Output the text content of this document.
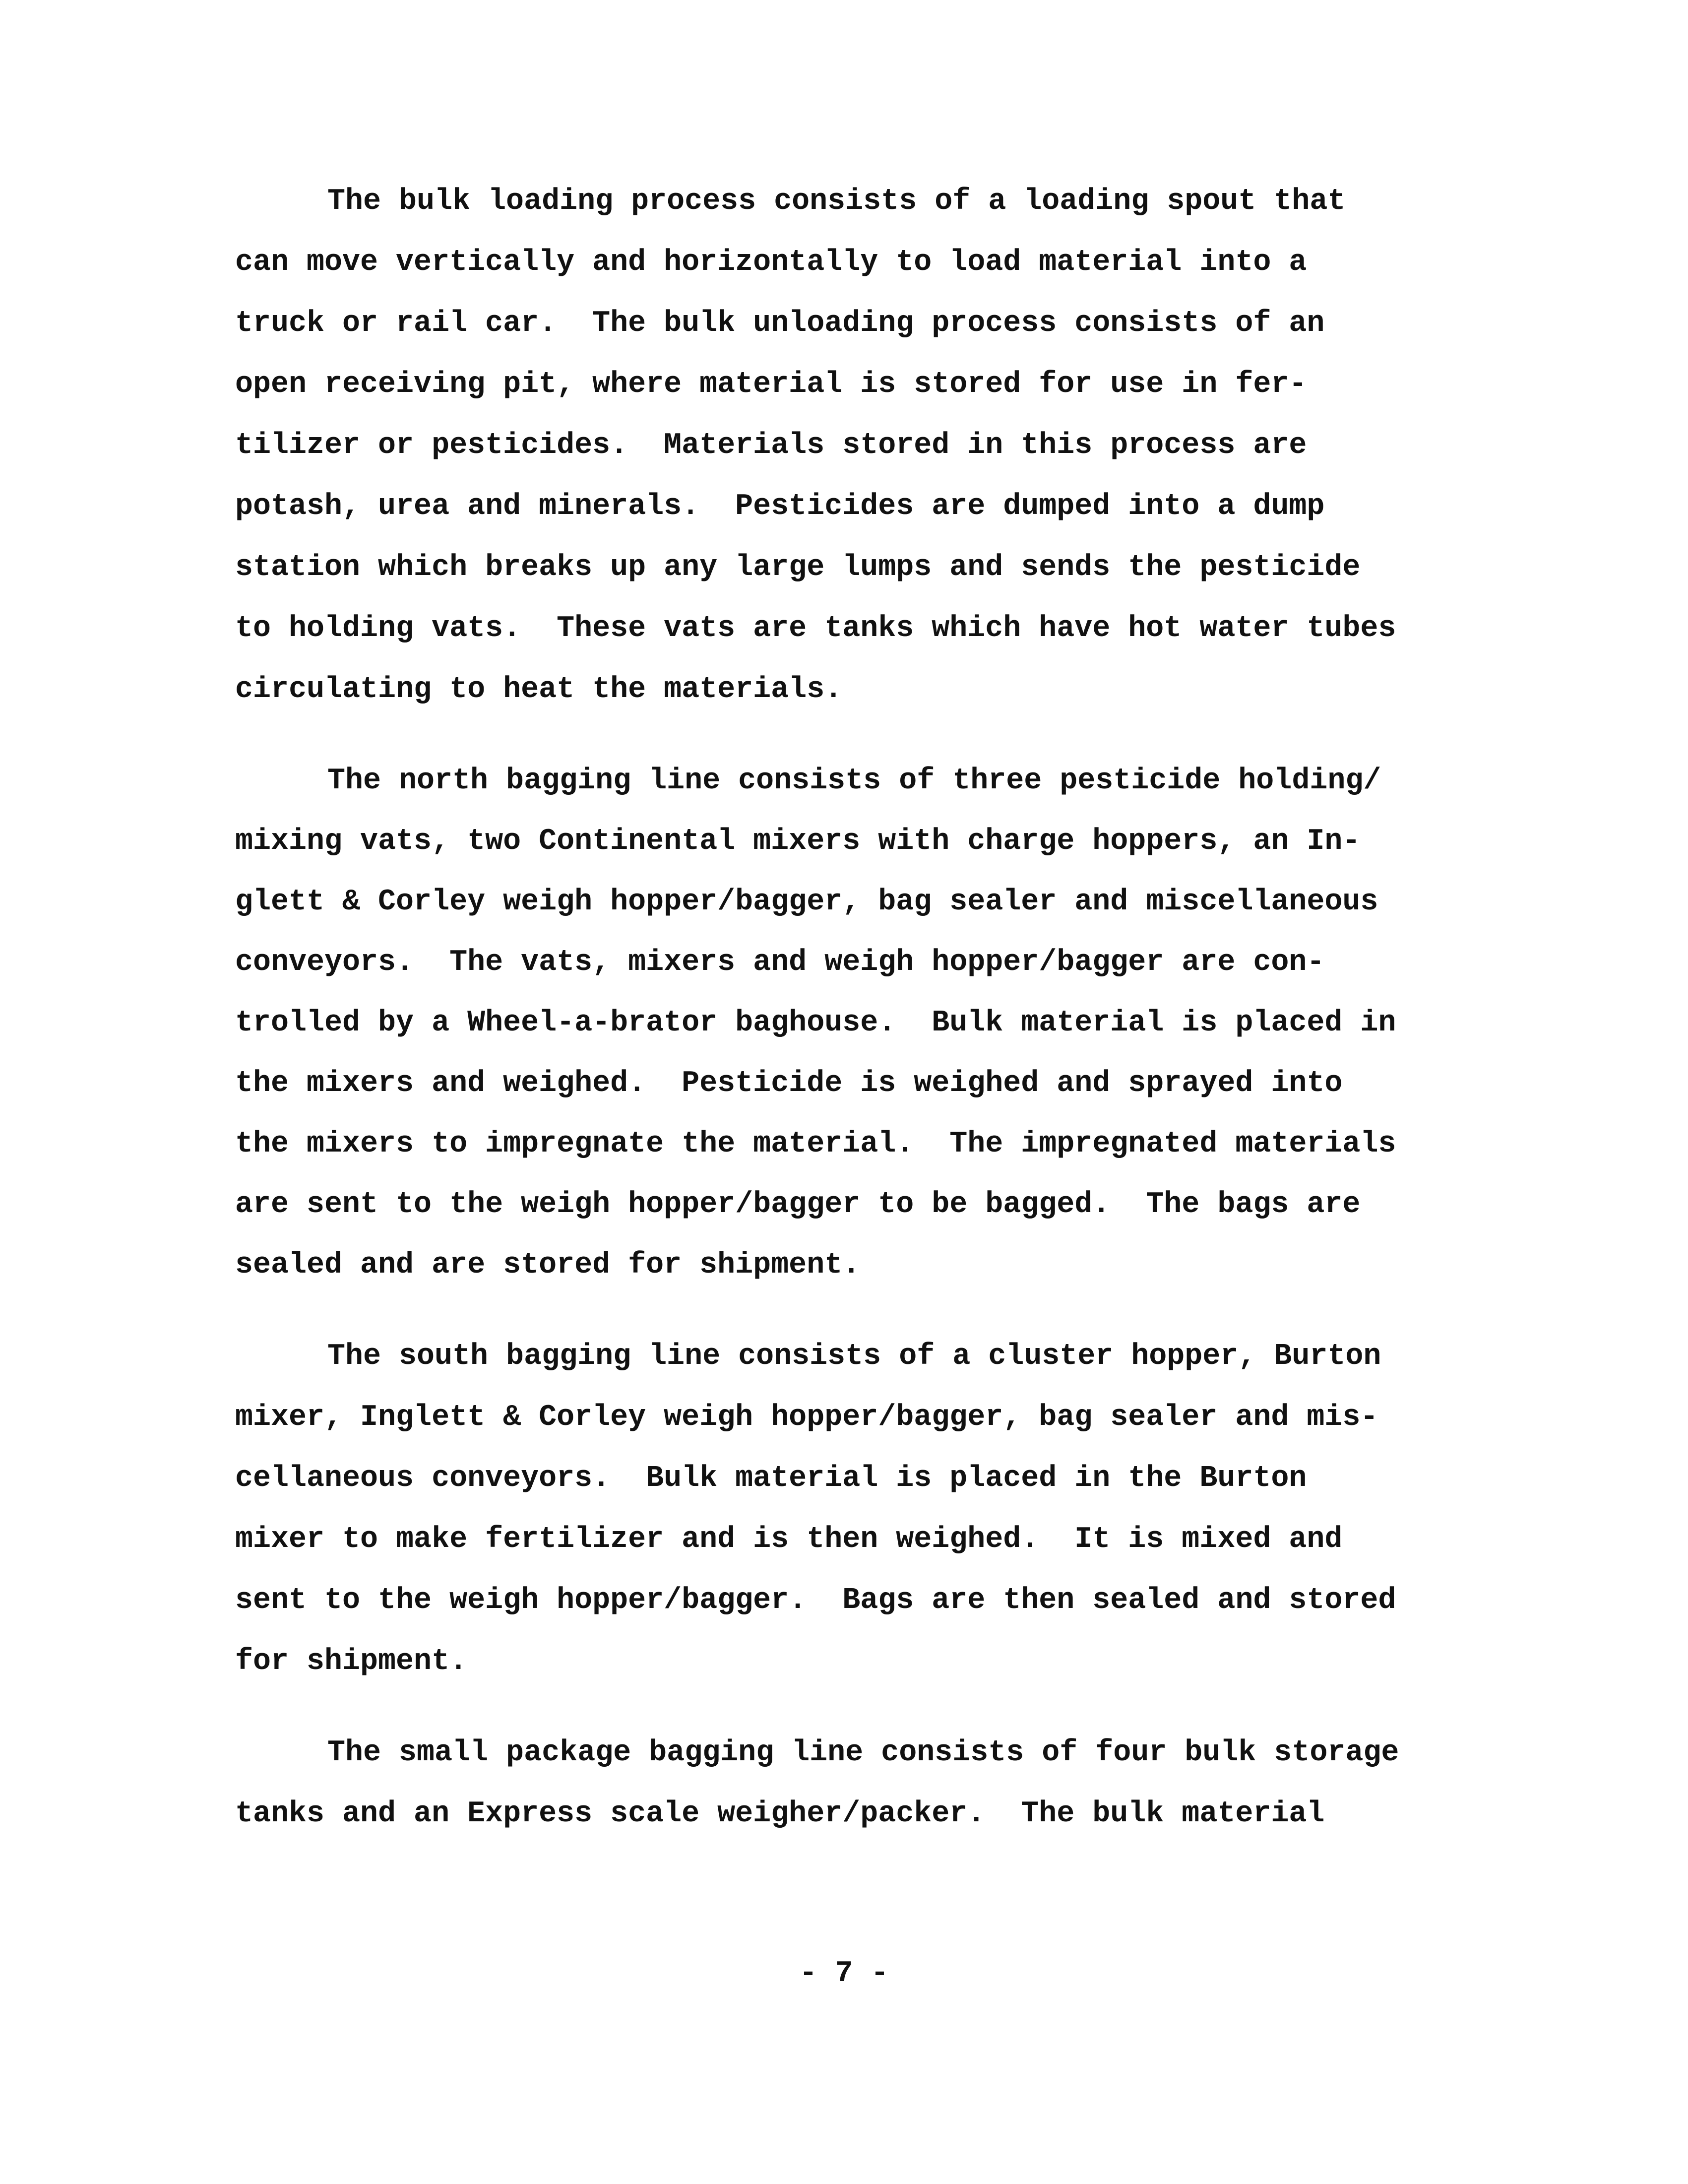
The bulk loading process consists of a loading spout that

can move vertically and horizontally to load material into a

truck or rail car.  The bulk unloading process consists of an

open receiving pit, where material is stored for use in fer-

tilizer or pesticides.  Materials stored in this process are

potash, urea and minerals.  Pesticides are dumped into a dump

station which breaks up any large lumps and sends the pesticide

to holding vats.  These vats are tanks which have hot water tubes

circulating to heat the materials.

The north bagging line consists of three pesticide holding/

mixing vats, two Continental mixers with charge hoppers, an In-

glett & Corley weigh hopper/bagger, bag sealer and miscellaneous

conveyors.  The vats, mixers and weigh hopper/bagger are con-

trolled by a Wheel-a-brator baghouse.  Bulk material is placed in

the mixers and weighed.  Pesticide is weighed and sprayed into

the mixers to impregnate the material.  The impregnated materials

are sent to the weigh hopper/bagger to be bagged.  The bags are

sealed and are stored for shipment.

The south bagging line consists of a cluster hopper, Burton

mixer, Inglett & Corley weigh hopper/bagger, bag sealer and mis-

cellaneous conveyors.  Bulk material is placed in the Burton

mixer to make fertilizer and is then weighed.  It is mixed and

sent to the weigh hopper/bagger.  Bags are then sealed and stored

for shipment.

The small package bagging line consists of four bulk storage

tanks and an Express scale weigher/packer.  The bulk material

- 7 -
